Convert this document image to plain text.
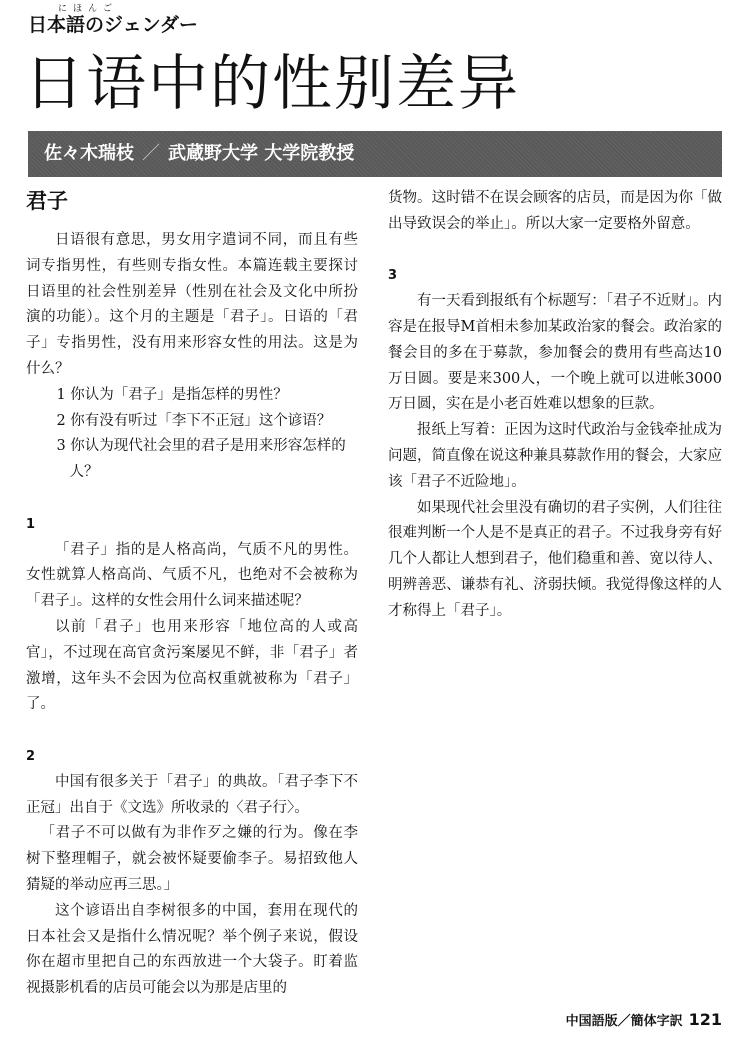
にほんご
日本語のジェンダー
日语中的性别差异
佐々木瑞枝 ／ 武蔵野大学 大学院教授
君子

日语很有意思，男女用字遣词不同，而且有些词专指男性，有些则专指女性。本篇连载主要探讨日语里的社会性别差异（性别在社会及文化中所扮演的功能）。这个月的主题是「君子」。日语的「君子」专指男性，没有用来形容女性的用法。这是为什么？

1 你认为「君子」是指怎样的男性？
2 你有没有听过「李下不正冠」这个谚语？
3 你认为现代社会里的君子是用来形容怎样的人？
1

「君子」指的是人格高尚，气质不凡的男性。女性就算人格高尚、气质不凡，也绝对不会被称为「君子」。这样的女性会用什么词来描述呢？

以前「君子」也用来形容「地位高的人或高官」，不过现在高官贪污案屡见不鲜，非「君子」者激增，这年头不会因为位高权重就被称为「君子」了。

2

中国有很多关于「君子」的典故。「君子李下不正冠」出自于《文选》所收录的〈君子行〉。

「君子不可以做有为非作歹之嫌的行为。像在李树下整理帽子，就会被怀疑要偷李子。易招致他人猜疑的举动应再三思。」

这个谚语出自李树很多的中国，套用在现代的日本社会又是指什么情况呢？举个例子来说，假设你在超市里把自己的东西放进一个大袋子。盯着监视摄影机看的店员可能会以为那是店里的

货物。这时错不在误会顾客的店员，而是因为你「做出导致误会的举止」。所以大家一定要格外留意。

3

有一天看到报纸有个标题写：「君子不近财」。内容是在报导M首相未参加某政治家的餐会。政治家的餐会目的多在于募款，参加餐会的费用有些高达10万日圆。要是来300人，一个晚上就可以进帐3000万日圆，实在是小老百姓难以想象的巨款。

报纸上写着：正因为这时代政治与金钱牵扯成为问题，简直像在说这种兼具募款作用的餐会，大家应该「君子不近险地」。

如果现代社会里没有确切的君子实例，人们往往很难判断一个人是不是真正的君子。不过我身旁有好几个人都让人想到君子，他们稳重和善、宽以待人、明辨善恶、谦恭有礼、济弱扶倾。我觉得像这样的人才称得上「君子」。

中国語版／簡体字訳 121
